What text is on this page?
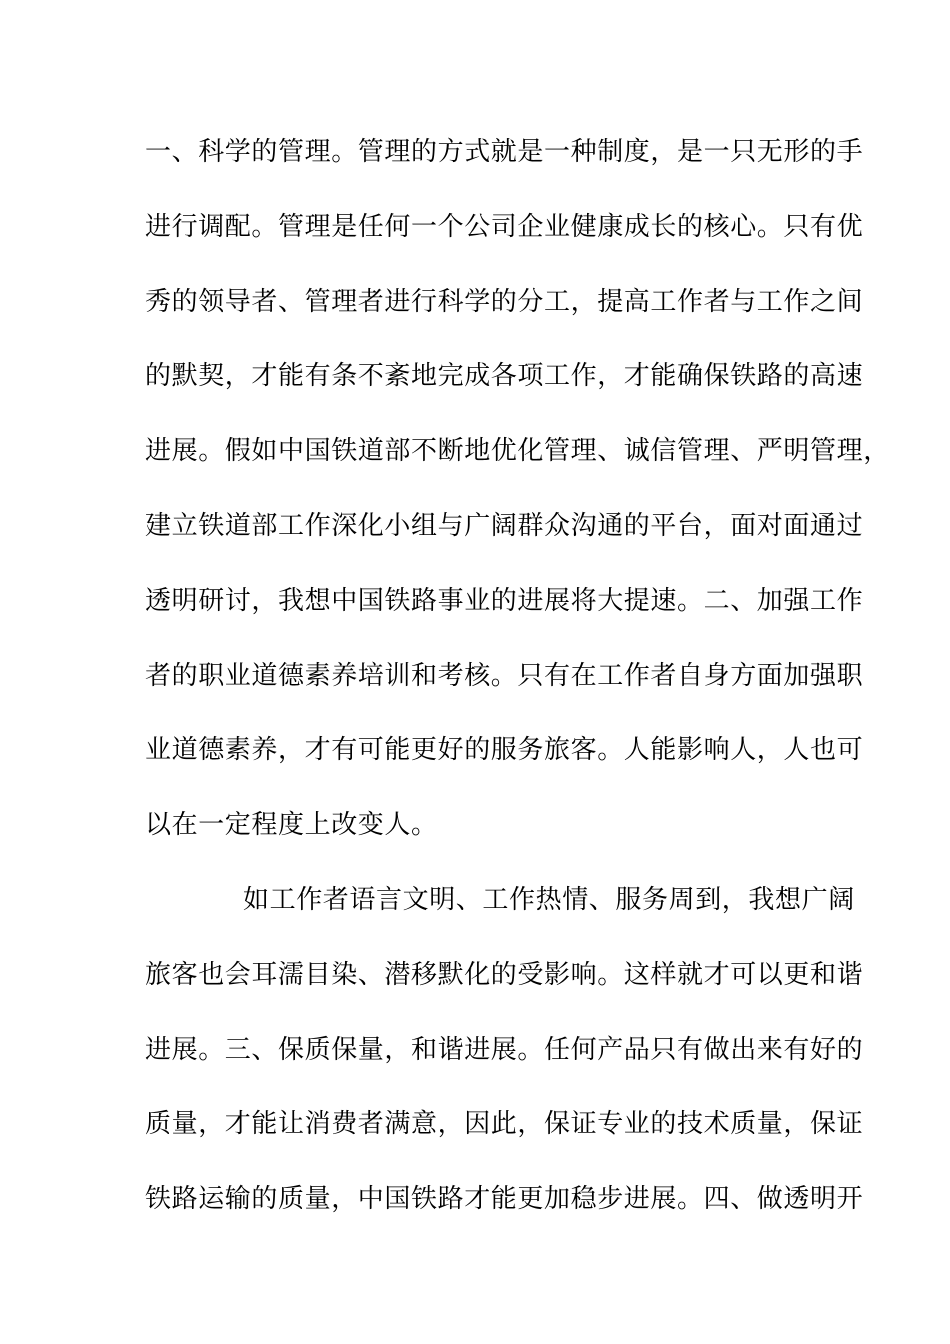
一、科学的管理。管理的方式就是一种制度，是一只无形的手
进行调配。管理是任何一个公司企业健康成长的核心。只有优
秀的领导者、管理者进行科学的分工，提高工作者与工作之间
的默契，才能有条不紊地完成各项工作，才能确保铁路的高速
进展。假如中国铁道部不断地优化管理、诚信管理、严明管理，
建立铁道部工作深化小组与广阔群众沟通的平台，面对面通过
透明研讨，我想中国铁路事业的进展将大提速。二、加强工作
者的职业道德素养培训和考核。只有在工作者自身方面加强职
业道德素养，才有可能更好的服务旅客。人能影响人，人也可
以在一定程度上改变人。
如工作者语言文明、工作热情、服务周到，我想广阔
旅客也会耳濡目染、潜移默化的受影响。这样就才可以更和谐
进展。三、保质保量，和谐进展。任何产品只有做出来有好的
质量，才能让消费者满意，因此，保证专业的技术质量，保证
铁路运输的质量，中国铁路才能更加稳步进展。四、做透明开
